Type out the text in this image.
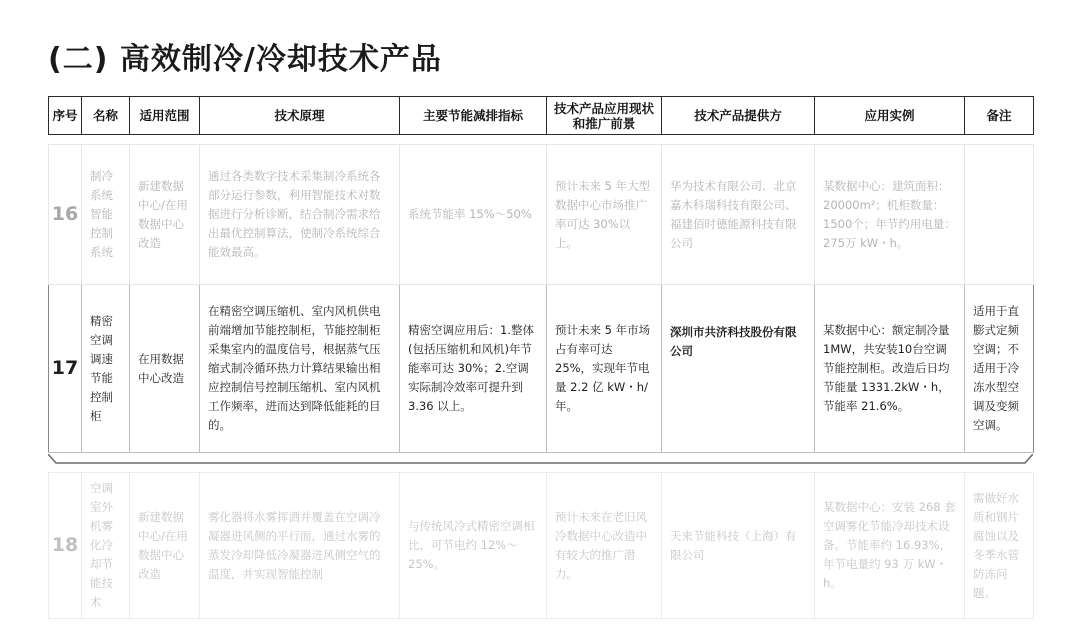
(二) 高效制冷/冷却技术产品
序号	名称	适用范围	技术原理	主要节能减排指标	技术产品应用现状和推广前景	技术产品提供方	应用实例	备注

16	制冷系统智能控制系统	新建数据中心/在用数据中心改造	通过各类数字技术采集制冷系统各部分运行参数，利用智能技术对数据进行分析诊断，结合制冷需求给出最优控制算法，使制冷系统综合能效最高。	系统节能率 15%～50%	预计未来 5 年大型数据中心市场推广率可达 30%以上。	华为技术有限公司、北京嘉木科瑞科技有限公司、福建佰时德能源科技有限公司	某数据中心：建筑面积：20000m²；机柜数量：1500个；年节约用电量：275万 kW・h。	
17	精密空调调速节能控制柜	在用数据中心改造	在精密空调压缩机、室内风机供电前端增加节能控制柜，节能控制柜采集室内的温度信号，根据蒸气压缩式制冷循环热力计算结果输出相应控制信号控制压缩机、室内风机工作频率，进而达到降低能耗的目的。	精密空调应用后：1.整体(包括压缩机和风机)年节能率可达 30%；2.空调实际制冷效率可提升到 3.36 以上。	预计未来 5 年市场占有率可达 25%，实现年节电量 2.2 亿 kW・h/年。	深圳市共济科技股份有限公司	某数据中心：额定制冷量 1MW，共安装10台空调节能控制柜。改造后日均节能量 1331.2kW・h，节能率 21.6%。	适用于直膨式定频空调；不适用于冷冻水型空调及变频空调。

18	空调室外机雾化冷却节能技术	新建数据中心/在用数据中心改造	雾化器将水雾挥洒并覆盖在空调冷凝器进风侧的平行面，通过水雾的蒸发冷却降低冷凝器进风侧空气的温度，并实现智能控制	与传统风冷式精密空调相比，可节电约 12%～25%。	预计未来在老旧风冷数据中心改造中有较大的推广潜力。	天来节能科技（上海）有限公司	某数据中心：安装 268 套空调雾化节能冷却技术设备。节能率约 16.93%，年节电量约 93 万 kW・h。	需做好水质和钢片腐蚀以及冬季水管防冻问题。
